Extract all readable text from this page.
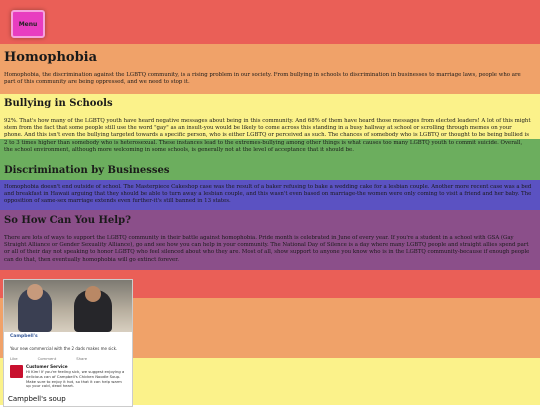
Menu
Homophobia

Homophobia, the discrimination against the LGBTQ community, is a rising problem in our society. From bullying in schools to discrimination in businesses to marriage laws, people who are part of this community are being oppressed, and we need to stop it.

Bullying in Schools

92%. That's how many of the LGBTQ youth have heard negative messages about being in this community. And 68% of them have heard those messages from elected leaders! A lot of this might stem from the fact that some people still use the word "gay" as an insult-you would be likely to come across this standing in a busy hallway at school or scrolling through memes on your phone. And this isn't even the bullying targeted towards a specific person, who is either LGBTQ or perceived as such. The chances of somebody who is LGBTQ or thought to be being bullied is 2 to 3 times higher than somebody who is heterosexual. These instances lead to the extremes-bullying among other things is what causes too many LGBTQ youth to commit suicide. Overall, the school environment, although more welcoming in some schools, is generally not at the level of acceptance that it should be.

Discrimination by Businesses

Homophobia doesn't end outside of school. The Masterpiece Cakeshop case was the result of a baker refusing to bake a wedding cake for a lesbian couple. Another more recent case was a bed and breakfast in Hawaii arguing that they should be able to turn away a lesbian couple, and this wasn't even based on marriage-the women were only coming to visit a friend and her baby. The opposition of same-sex marriage extends even further-it's still banned in 13 states.

So How Can You Help?

There are lots of ways to support the LGBTQ community in their battle against homophobia. Pride month is celebrated in June of every year. If you're a student in a school with GSA (Gay Straight Alliance or Gender Sexuality Alliance), go and see how you can help in your community. The National Day of Silence is a day where many LGBTQ people and straight allies spend part or all of their day not speaking to honor LGBTQ who feel silenced about who they are. Most of all, show support to anyone you know who is in the LGBTQ community-because if enough people can do that, then eventually homophobia will go extinct forever.

Campbell's
Your new commercial with the 2 dads makes me sick.
Like	Comment	Share
Customer Service
Hi Kim! If you're feeling sick, we suggest enjoying a delicious can of Campbell's Chicken Noodle Soup. Make sure to enjoy it hot, so that it can help warm up your cold, dead heart.
Campbell's soup
